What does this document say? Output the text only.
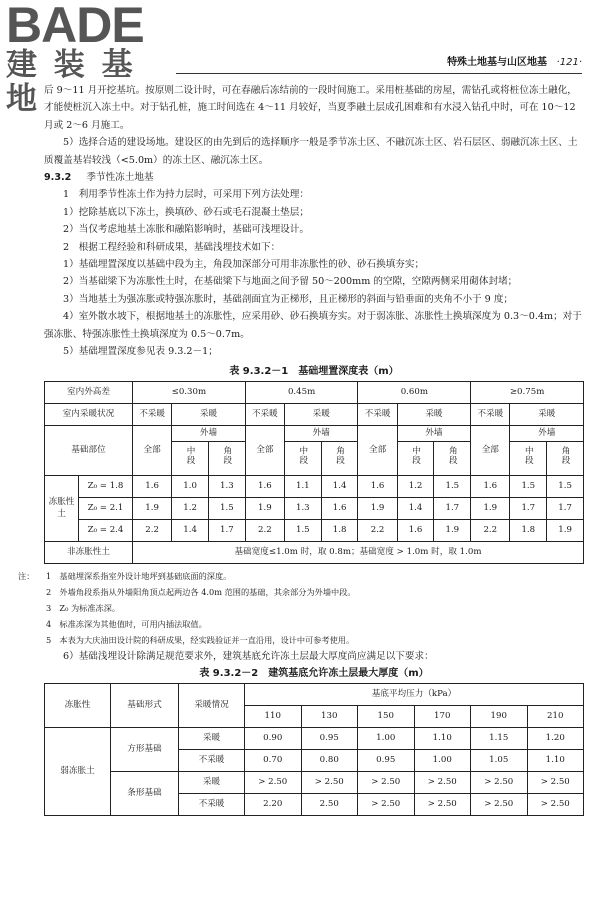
BADE
建 装 基 地
特殊土地基与山区地基 ·121·
后 9～11 月开挖基坑。按原则二设计时，可在春融后冻结前的一段时间施工。采用桩基础的房屋，需钻孔或将桩位冻土融化，才能使桩沉入冻土中。对于钻孔桩，施工时间选在 4～11 月较好，当夏季融土层成孔困难和有水浸入钻孔中时，可在 10～12 月或 2～6 月施工。
5）选择合适的建设场地。建设区的由先到后的选择顺序一般是季节冻土区、不融沉冻土区、岩石层区、弱融沉冻土区、土质覆盖基岩较浅（<5.0m）的冻土区、融沉冻土区。
9.3.2 季节性冻土地基
1　利用季节性冻土作为持力层时，可采用下列方法处理：
1）挖除基底以下冻土，换填砂、砂石或毛石混凝土垫层；
2）当仅考虑地基土冻胀和融陷影响时，基础可浅埋设计。
2　根据工程经验和科研成果，基础浅埋技术如下：
1）基础埋置深度以基础中段为主，角段加深部分可用非冻胀性的砂、砂石换填夯实；
2）当基础梁下为冻胀性土时，在基础梁下与地面之间予留 50～200mm 的空隙，空隙两侧采用砌体封堵；
3）当地基土为强冻胀或特强冻胀时，基础剖面宜为正梯形，且正梯形的斜面与铅垂面的夹角不小于 9 度；
4）室外散水坡下，根据地基土的冻胀性，应采用砂、砂石换填夯实。对于弱冻胀、冻胀性土换填深度为 0.3～0.4m；对于强冻胀、特强冻胀性土换填深度为 0.5～0.7m。
5）基础埋置深度参见表 9.3.2－1；
表 9.3.2－1　基础埋置深度表（m）
室内外高差		≤0.30m			0.45m			0.60m			≥0.75m		
室内采暖状况		不采暖	采暖		不采暖	采暖		不采暖	采暖		不采暖	采暖	
基础部位		全部	外墙		全部	外墙		全部	外墙		全部	外墙	
			中段	角段		中段	角段		中段	角段		中段	角段
冻胀性土	Z₀ = 1.8	1.6	1.0	1.3	1.6	1.1	1.4	1.6	1.2	1.5	1.6	1.5	1.5
	Z₀ = 2.1	1.9	1.2	1.5	1.9	1.3	1.6	1.9	1.4	1.7	1.9	1.7	1.7
	Z₀ = 2.4	2.2	1.4	1.7	2.2	1.5	1.8	2.2	1.6	1.9	2.2	1.8	1.9
非冻胀性土		基础宽度≤1.0m 时，取 0.8m；基础宽度 > 1.0m 时，取 1.0m											
注： 1　基础埋深系指室外设计地坪到基础底面的深度。
2　外墙角段系指从外墙阳角顶点起两边各 4.0m 范围的基础，其余部分为外墙中段。
3　Z₀ 为标准冻深。
4　标准冻深为其他值时，可用内插法取值。
5　本表为大庆油田设计院的科研成果，经实践验证并一直沿用，设计中可参考使用。
6）基础浅埋设计除满足规范要求外，建筑基底允许冻土层最大厚度尚应满足以下要求：
表 9.3.2－2　建筑基底允许冻土层最大厚度（m）
冻胀性	基础形式	采暖情况	基底平均压力（kPa）					
			110	130	150	170	190	210
弱冻胀土	方形基础	采暖	0.90	0.95	1.00	1.10	1.15	1.20
		不采暖	0.70	0.80	0.95	1.00	1.05	1.10
	条形基础	采暖	> 2.50	> 2.50	> 2.50	> 2.50	> 2.50	> 2.50
		不采暖	2.20	2.50	> 2.50	> 2.50	> 2.50	> 2.50
